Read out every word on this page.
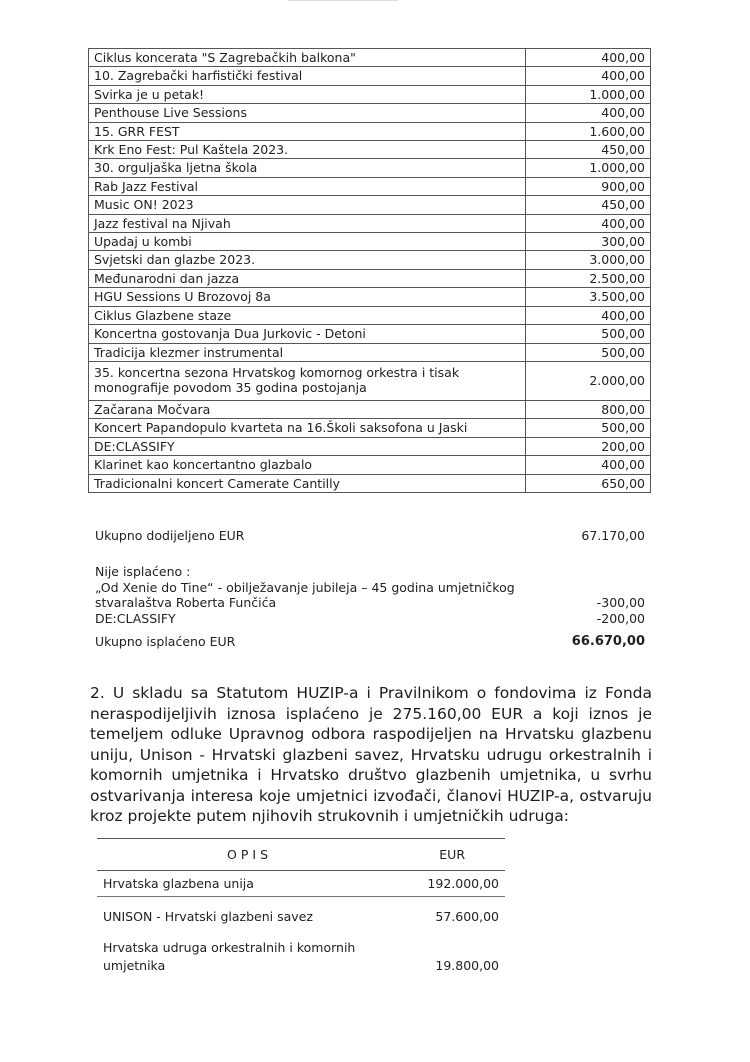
Ciklus koncerata "S Zagrebačkih balkona"	400,00
10. Zagrebački harfistički festival	400,00
Svirka je u petak!	1.000,00
Penthouse Live Sessions	400,00
15. GRR FEST	1.600,00
Krk Eno Fest: Pul Kaštela 2023.	450,00
30. orguljaška ljetna škola	1.000,00
Rab Jazz Festival	900,00
Music ON! 2023	450,00
Jazz festival na Njivah	400,00
Upadaj u kombi	300,00
Svjetski dan glazbe 2023.	3.000,00
Međunarodni dan jazza	2.500,00
HGU Sessions U Brozovoj 8a	3.500,00
Ciklus Glazbene staze	400,00
Koncertna gostovanja Dua Jurkovic - Detoni	500,00
Tradicija klezmer instrumental	500,00
35. koncertna sezona Hrvatskog komornog orkestra i tisak monografije povodom 35 godina postojanja	2.000,00
Začarana Močvara	800,00
Koncert Papandopulo kvarteta na 16.Školi saksofona u Jaski	500,00
DE:CLASSIFY	200,00
Klarinet kao koncertantno glazbalo	400,00
Tradicionalni koncert Camerate Cantilly	650,00
Ukupno dodijeljeno EUR	67.170,00
Nije isplaćeno :
„Od Xenie do Tine“ - obilježavanje jubileja – 45 godina umjetničkog
stvaralaštva Roberta Funčića	-300,00
DE:CLASSIFY	-200,00
Ukupno isplaćeno EUR	66.670,00
2. U skladu sa Statutom HUZIP-a i Pravilnikom o fondovima iz Fonda neraspodijeljivih iznosa isplaćeno je 275.160,00 EUR a koji iznos je temeljem odluke Upravnog odbora raspodijeljen na Hrvatsku glazbenu uniju, Unison - Hrvatski glazbeni savez, Hrvatsku udrugu orkestralnih i komornih umjetnika i Hrvatsko društvo glazbenih umjetnika, u svrhu ostvarivanja interesa koje umjetnici izvođači, članovi HUZIP-a, ostvaruju kroz projekte putem njihovih strukovnih i umjetničkih udruga:
OPIS	EUR
Hrvatska glazbena unija	192.000,00
UNISON - Hrvatski glazbeni savez	57.600,00
Hrvatska udruga orkestralnih i komornih
umjetnika	19.800,00
